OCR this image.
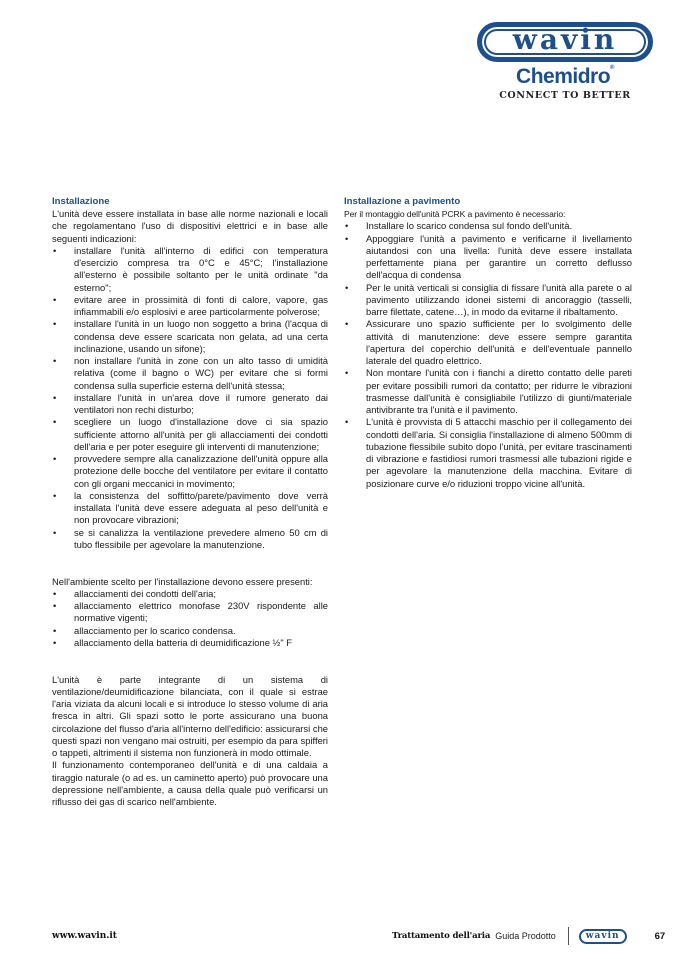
wavin
Chemidro®
CONNECT TO BETTER
Installazione

L'unità deve essere installata in base alle norme nazionali e locali che regolamentano l'uso di dispositivi elettrici e in base alle seguenti indicazioni:

• installare l'unità all'interno di edifici con temperatura d'esercizio compresa tra 0°C e 45°C; l'installazione all'esterno è possibile soltanto per le unità ordinate "da esterno";
• evitare aree in prossimità di fonti di calore, vapore, gas infiammabili e/o esplosivi e aree particolarmente polverose;
• installare l'unità in un luogo non soggetto a brina (l'acqua di condensa deve essere scaricata non gelata, ad una certa inclinazione, usando un sifone);
• non installare l'unità in zone con un alto tasso di umidità relativa (come il bagno o WC) per evitare che si formi condensa sulla superficie esterna dell'unità stessa;
• installare l'unità in un'area dove il rumore generato dai ventilatori non rechi disturbo;
• scegliere un luogo d'installazione dove ci sia spazio sufficiente attorno all'unità per gli allacciamenti dei condotti dell'aria e per poter eseguire gli interventi di manutenzione;
• provvedere sempre alla canalizzazione dell'unità oppure alla protezione delle bocche del ventilatore per evitare il contatto con gli organi meccanici in movimento;
• la consistenza del soffitto/parete/pavimento dove verrà installata l'unità deve essere adeguata al peso dell'unità e non provocare vibrazioni;
• se si canalizza la ventilazione prevedere almeno 50 cm di tubo flessibile per agevolare la manutenzione.

Nell'ambiente scelto per l'installazione devono essere presenti:

• allacciamenti dei condotti dell'aria;
• allacciamento elettrico monofase 230V rispondente alle normative vigenti;
• allacciamento per lo scarico condensa.
• allacciamento della batteria di deumidificazione ½" F

L'unità è parte integrante di un sistema di ventilazione/deumidificazione bilanciata, con il quale si estrae l'aria viziata da alcuni locali e si introduce lo stesso volume di aria fresca in altri. Gli spazi sotto le porte assicurano una buona circolazione del flusso d'aria all'interno dell'edificio: assicurarsi che questi spazi non vengano mai ostruiti, per esempio da para spifferi o tappeti, altrimenti il sistema non funzionerà in modo ottimale.

Il funzionamento contemporaneo dell'unità e di una caldaia a tiraggio naturale (o ad es. un caminetto aperto) può provocare una depressione nell'ambiente, a causa della quale può verificarsi un riflusso dei gas di scarico nell'ambiente.

Installazione a pavimento

Per il montaggio dell'unità PCRK a pavimento è necessario:

• Installare lo scarico condensa sul fondo dell'unità.
• Appoggiare l'unità a pavimento e verificarne il livellamento aiutandosi con una livella: l'unità deve essere installata perfettamente piana per garantire un corretto deflusso dell'acqua di condensa
• Per le unità verticali si consiglia di fissare l'unità alla parete o al pavimento utilizzando idonei sistemi di ancoraggio (tasselli, barre filettate, catene…), in modo da evitarne il ribaltamento.
• Assicurare uno spazio sufficiente per lo svolgimento delle attività di manutenzione: deve essere sempre garantita l'apertura del coperchio dell'unità e dell'eventuale pannello laterale del quadro elettrico.
• Non montare l'unità con i fianchi a diretto contatto delle pareti per evitare possibili rumori da contatto; per ridurre le vibrazioni trasmesse dall'unità è consigliabile l'utilizzo di giunti/materiale antivibrante tra l'unità e il pavimento.
• L'unità è provvista di 5 attacchi maschio per il collegamento dei condotti dell'aria. Si consiglia l'installazione di almeno 500mm di tubazione flessibile subito dopo l'unità, per evitare trascinamenti di vibrazione e fastidiosi rumori trasmessi alle tubazioni rigide e per agevolare la manutenzione della macchina. Evitare di posizionare curve e/o riduzioni troppo vicine all'unità.
www.wavin.it	Trattamento dell'aria Guida Prodotto	wavin	67
